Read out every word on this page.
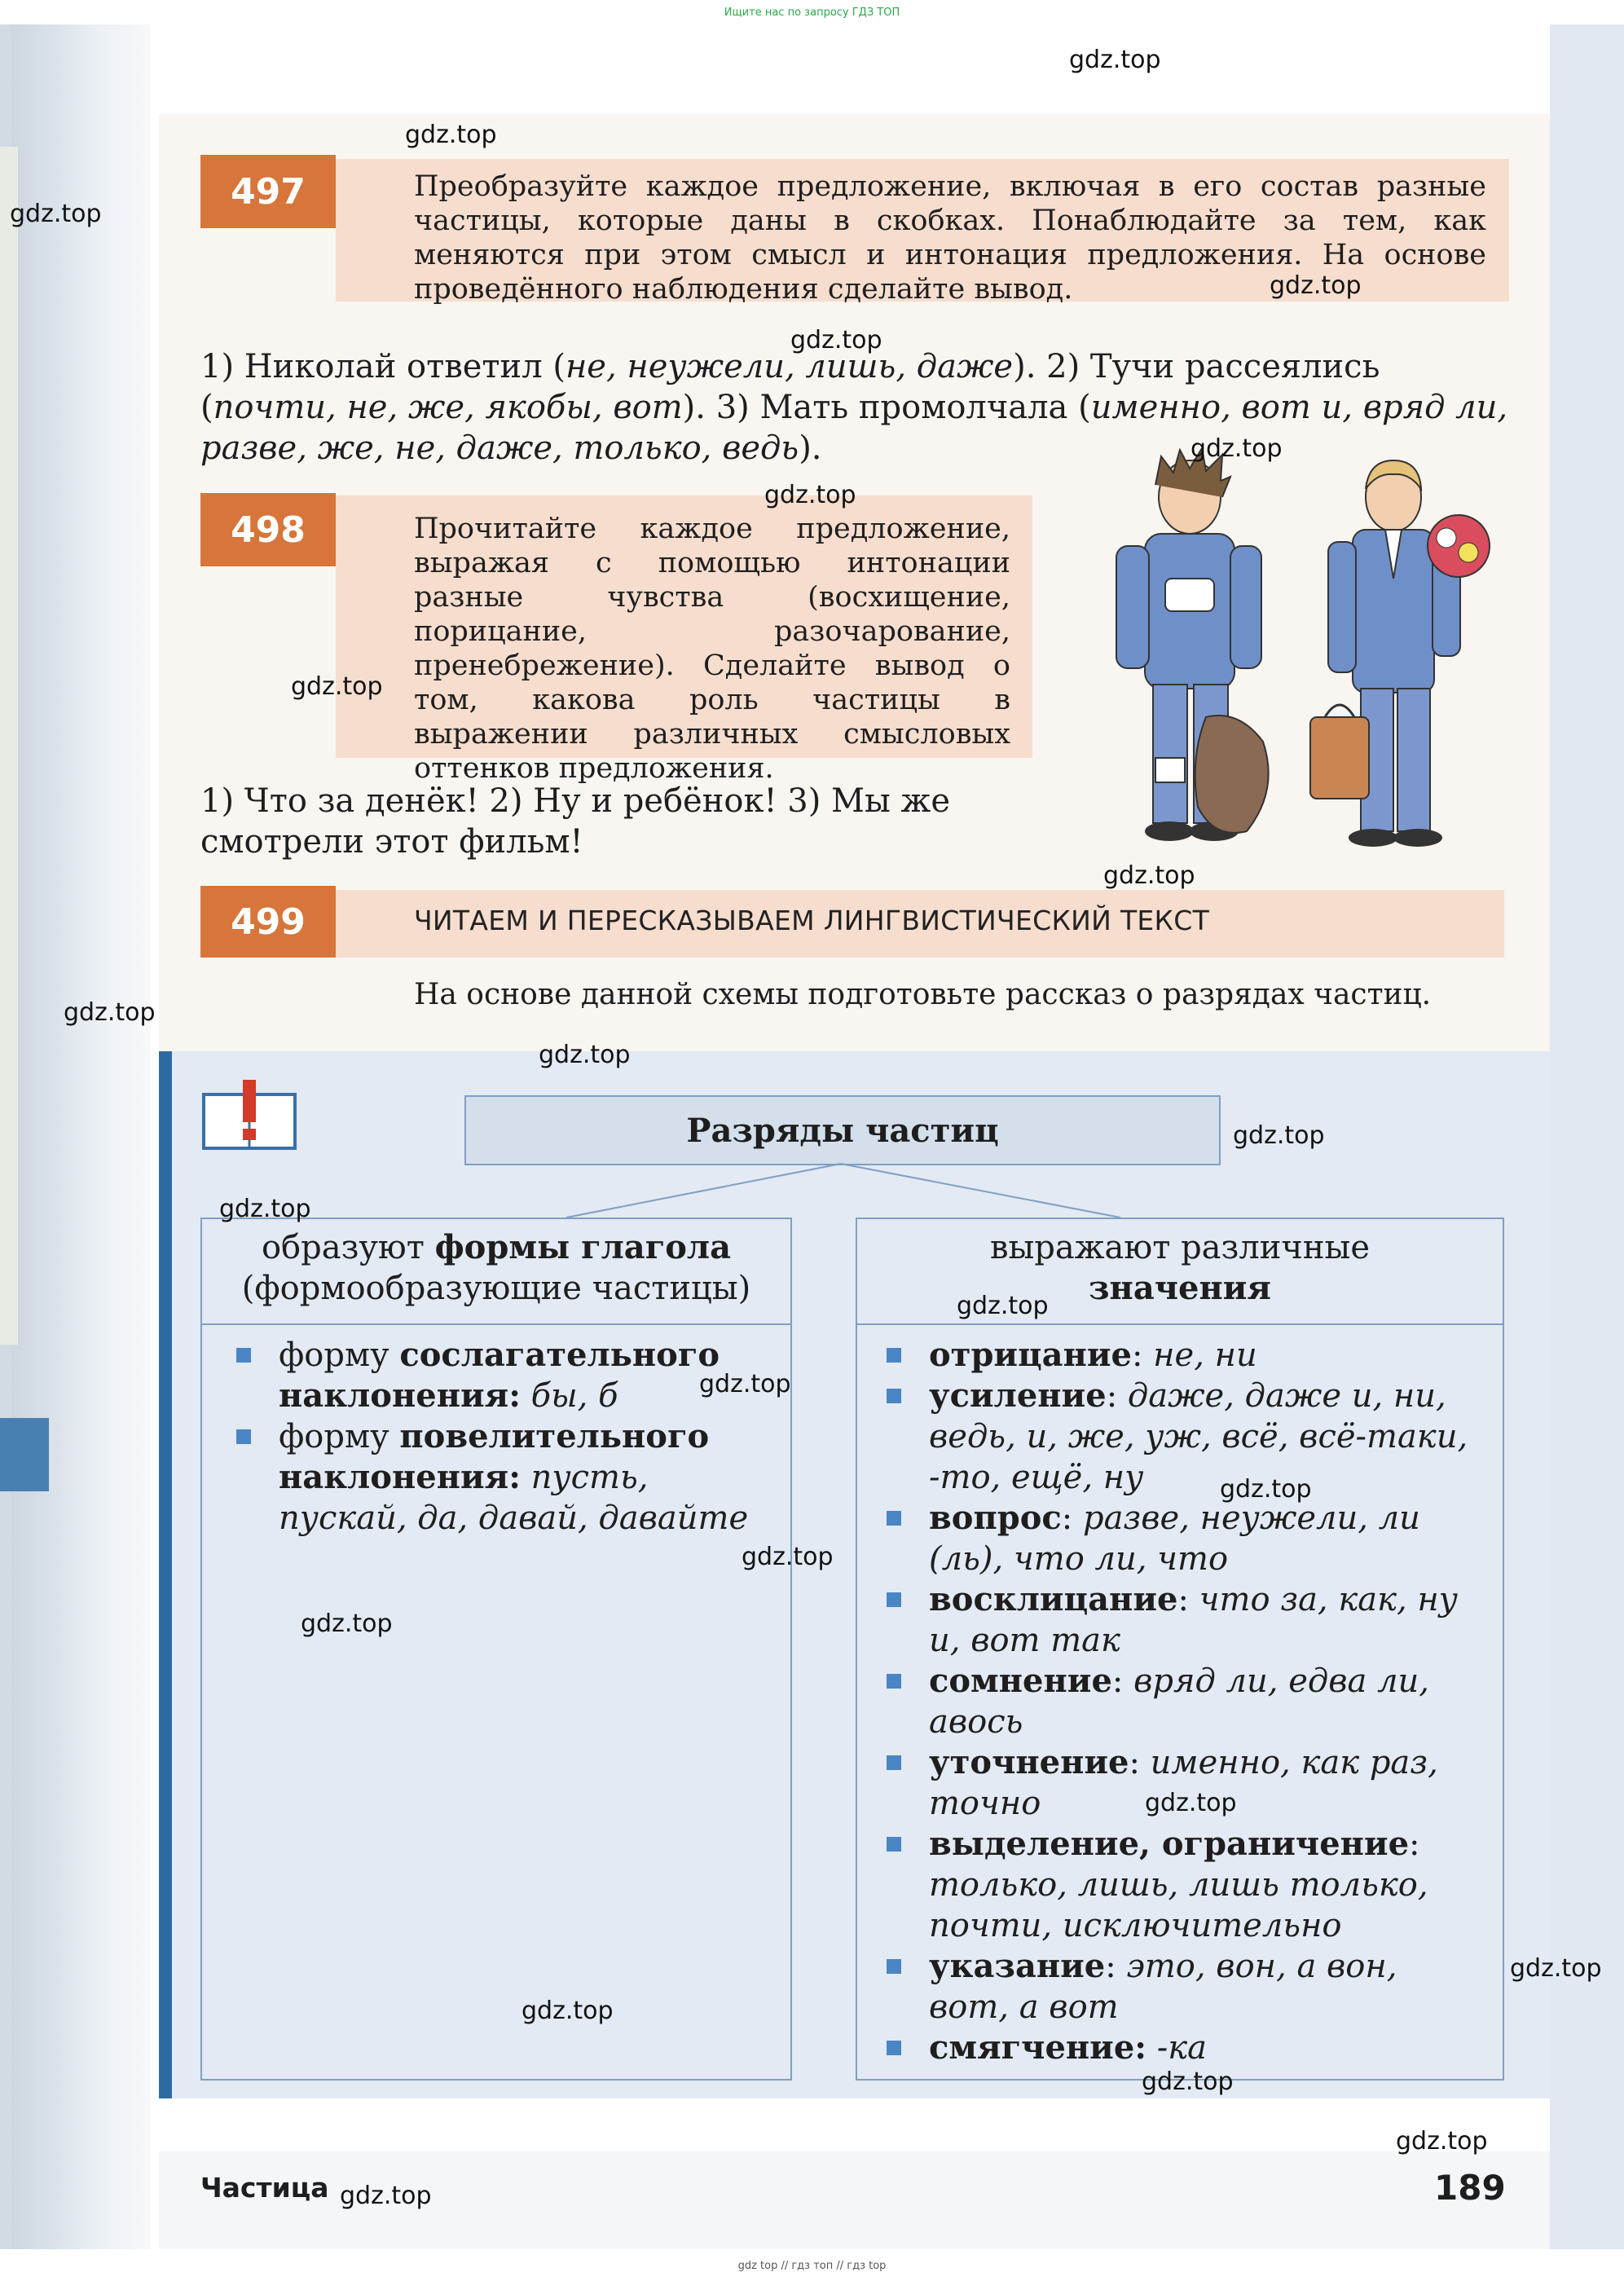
Ищите нас по запросу ГДЗ ТОП
497	Преобразуйте каждое предложение, включая в его состав разные частицы, которые даны в скобках. Понаблюдайте за тем, как меняются при этом смысл и интонация предложения. На основе проведённого наблюдения сделайте вывод.

1) Николай ответил (не, неужели, лишь, даже). 2) Тучи рассеялись (почти, не, же, якобы, вот). 3) Мать промолчала (именно, вот и, вряд ли, разве, же, не, даже, только, ведь).

498	Прочитайте каждое предложение, выражая с помощью интонации разные чувства (восхищение, порицание, разочарование, пренебрежение). Сделайте вывод о том, какова роль частицы в выражении различных смысловых оттенков предложения.

1) Что за денёк! 2) Ну и ребёнок! 3) Мы же смотрели этот фильм!

499	ЧИТАЕМ И ПЕРЕСКАЗЫВАЕМ ЛИНГВИСТИЧЕСКИЙ ТЕКСТ

На основе данной схемы подготовьте рассказ о разрядах частиц.

Разряды частиц
образуют формы глагола
(формообразующие частицы)
форму сослагательного наклонения: бы, б
форму повелительного наклонения: пусть, пускай, да, давай, давайте
выражают различные
значения
отрицание: не, ни
усиление: даже, даже и, ни, ведь, и, же, уж, всё, всё-таки, -то, ещё, ну
вопрос: разве, неужели, ли (ль), что ли, что
восклицание: что за, как, ну и, вот так
сомнение: вряд ли, едва ли, авось
уточнение: именно, как раз, точно
выделение, ограничение: только, лишь, лишь только, почти, исключительно
указание: это, вон, а вон, вот, а вот
смягчение: -ка
Частица	189
gdz.top
gdz.top
gdz.top
gdz.top
gdz.top
gdz.top
gdz.top
gdz.top
gdz.top
gdz.top
gdz.top
gdz.top
gdz.top
gdz.top
gdz.top
gdz.top
gdz.top
gdz.top
gdz.top
gdz.top
gdz.top
gdz.top
gdz.top
gdz.top
gdz top // гдз топ // гдз top
